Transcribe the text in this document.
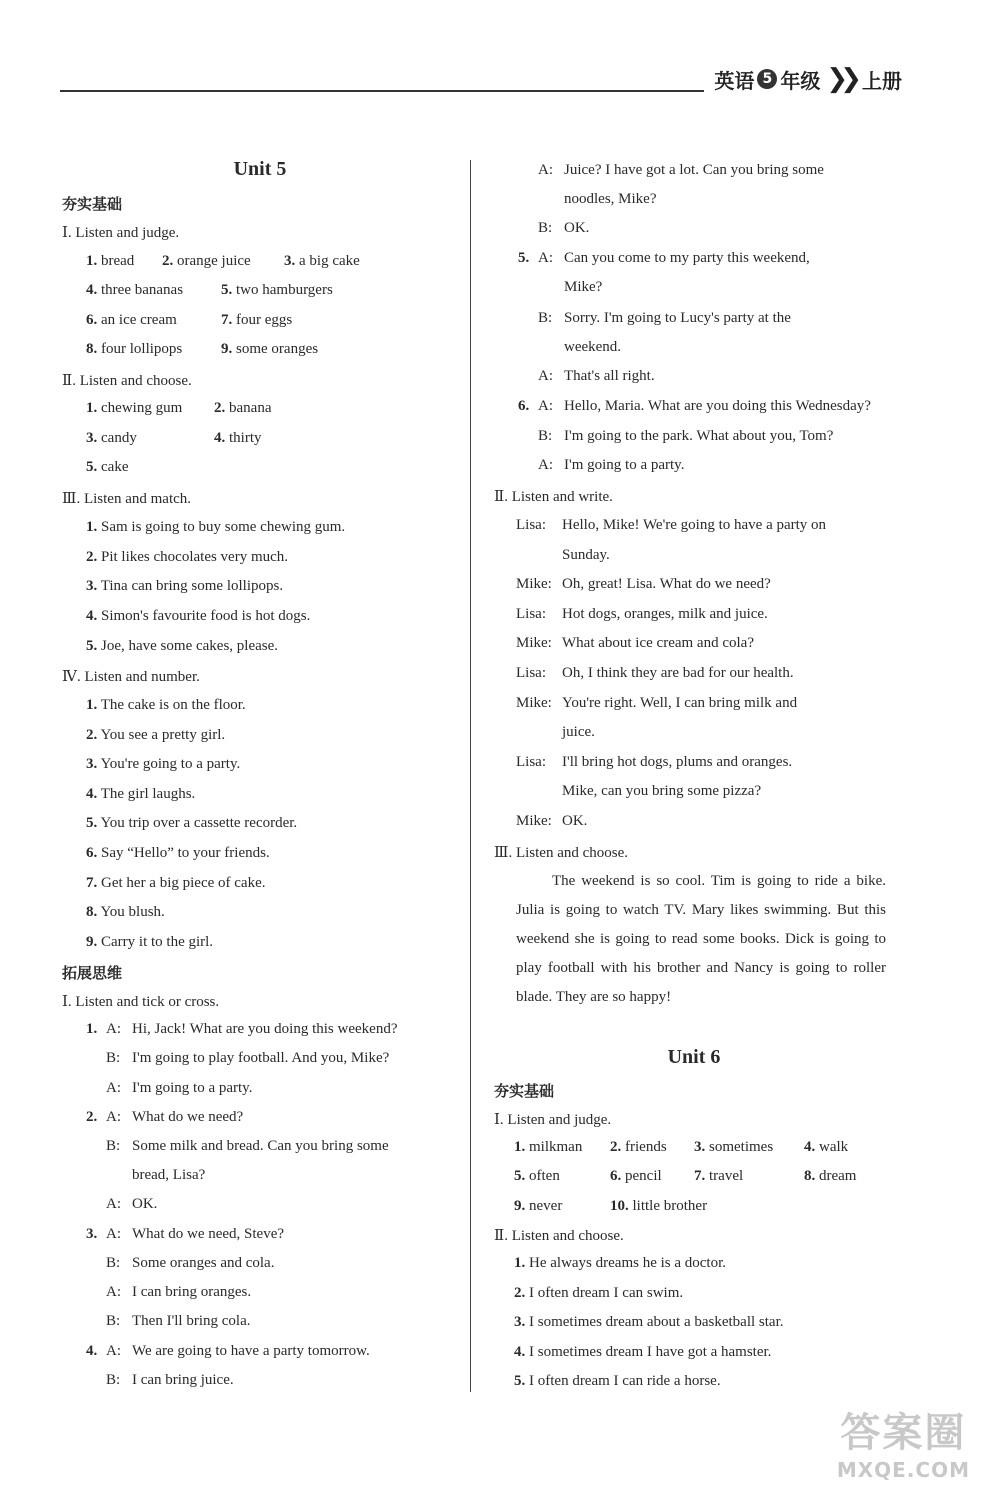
英语 5 年级 ❯❯ 上册
Unit 5
夯实基础
Ⅰ. Listen and judge.
1. bread 2. orange juice 3. a big cake
4. three bananas	5. two hamburgers
6. an ice cream	7. four eggs
8. four lollipops	9. some oranges
Ⅱ. Listen and choose.
1. chewing gum 2. banana
3. candy	4. thirty
5. cake
Ⅲ. Listen and match.
1. Sam is going to buy some chewing gum.
2. Pit likes chocolates very much.
3. Tina can bring some lollipops.
4. Simon's favourite food is hot dogs.
5. Joe, have some cakes, please.
Ⅳ. Listen and number.
1. The cake is on the floor.
2. You see a pretty girl.
3. You're going to a party.
4. The girl laughs.
5. You trip over a cassette recorder.
6. Say “Hello” to your friends.
7. Get her a big piece of cake.
8. You blush.
9. Carry it to the girl.
拓展思维
Ⅰ. Listen and tick or cross.
1. A: Hi, Jack! What are you doing this weekend?
B: I'm going to play football. And you, Mike?
A: I'm going to a party.
2. A: What do we need?
B: Some milk and bread. Can you bring some
bread, Lisa?
A: OK.
3. A: What do we need, Steve?
B: Some oranges and cola.
A: I can bring oranges.
B: Then I'll bring cola.
4. A: We are going to have a party tomorrow.
B: I can bring juice.
A: Juice? I have got a lot. Can you bring some
noodles, Mike?
B: OK.
5. A: Can you come to my party this weekend,
Mike?
B: Sorry. I'm going to Lucy's party at the
weekend.
A: That's all right.
6. A: Hello, Maria. What are you doing this Wednesday?
B: I'm going to the park. What about you, Tom?
A: I'm going to a party.
Ⅱ. Listen and write.
Lisa: Hello, Mike! We're going to have a party on
Sunday.
Mike: Oh, great! Lisa. What do we need?
Lisa: Hot dogs, oranges, milk and juice.
Mike: What about ice cream and cola?
Lisa: Oh, I think they are bad for our health.
Mike: You're right. Well, I can bring milk and
juice.
Lisa: I'll bring hot dogs, plums and oranges.
Mike, can you bring some pizza?
Mike: OK.
Ⅲ. Listen and choose.
The weekend is so cool. Tim is going to ride a bike. Julia is going to watch TV. Mary likes swimming. But this weekend she is going to read some books. Dick is going to play football with his brother and Nancy is going to roller blade. They are so happy!
Unit 6
夯实基础
Ⅰ. Listen and judge.
1. milkman 2. friends 3. sometimes 4. walk
5. often	6. pencil 7. travel	8. dream
9. never	10. little brother
Ⅱ. Listen and choose.
1. He always dreams he is a doctor.
2. I often dream I can swim.
3. I sometimes dream about a basketball star.
4. I sometimes dream I have got a hamster.
5. I often dream I can ride a horse.
答案圈
MXQE.COM
